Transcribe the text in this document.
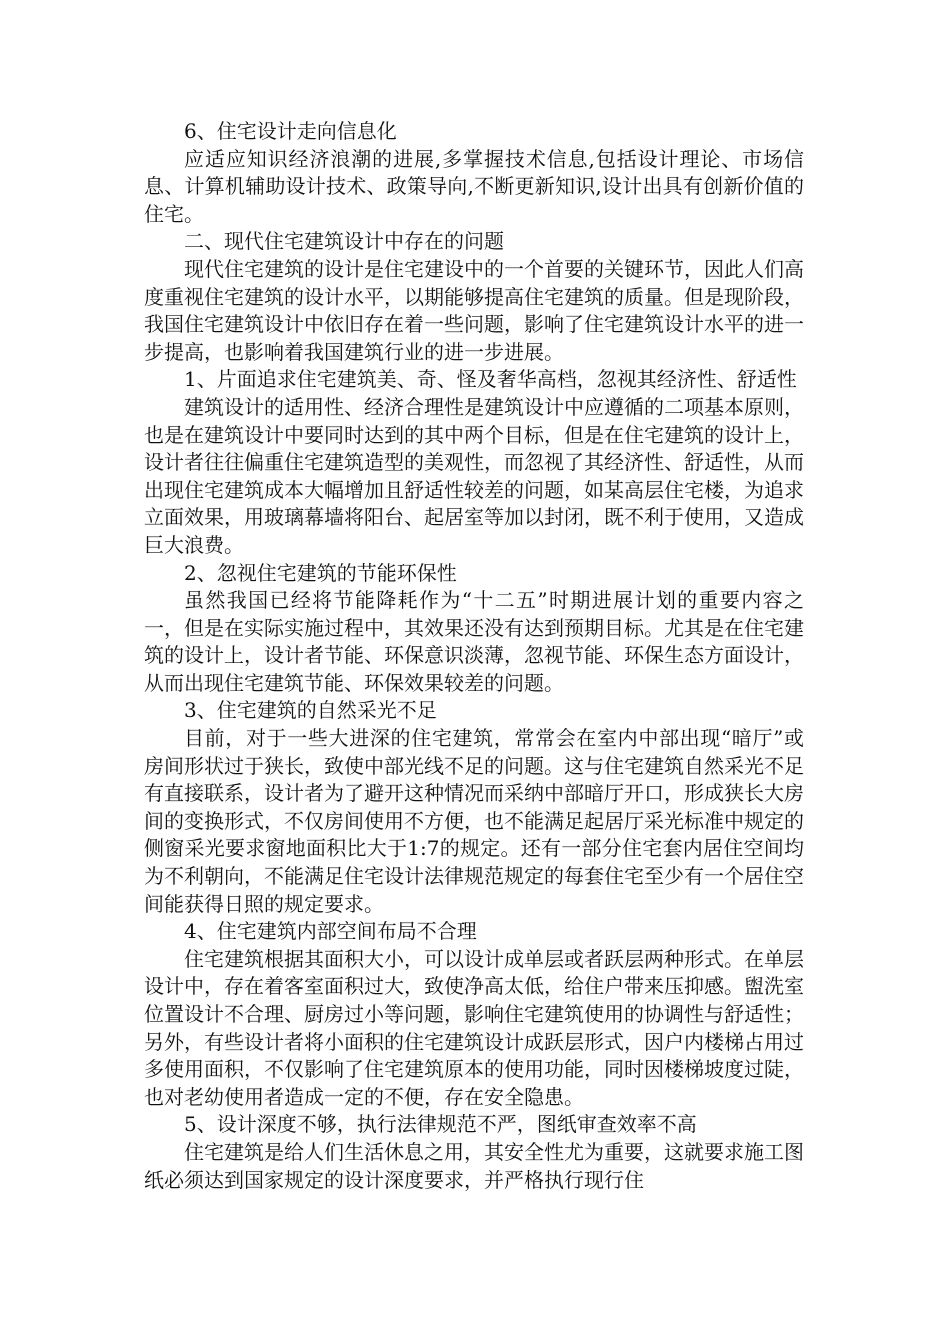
6、住宅设计走向信息化

应适应知识经济浪潮的进展,多掌握技术信息,包括设计理论、市场信息、计算机辅助设计技术、政策导向,不断更新知识,设计出具有创新价值的住宅。

二、现代住宅建筑设计中存在的问题

现代住宅建筑的设计是住宅建设中的一个首要的关键环节，因此人们高度重视住宅建筑的设计水平，以期能够提高住宅建筑的质量。但是现阶段，我国住宅建筑设计中依旧存在着一些问题，影响了住宅建筑设计水平的进一步提高，也影响着我国建筑行业的进一步进展。

1、片面追求住宅建筑美、奇、怪及奢华高档，忽视其经济性、舒适性

建筑设计的适用性、经济合理性是建筑设计中应遵循的二项基本原则，也是在建筑设计中要同时达到的其中两个目标，但是在住宅建筑的设计上，设计者往往偏重住宅建筑造型的美观性，而忽视了其经济性、舒适性，从而出现住宅建筑成本大幅增加且舒适性较差的问题，如某高层住宅楼，为追求立面效果，用玻璃幕墙将阳台、起居室等加以封闭，既不利于使用，又造成巨大浪费。

2、忽视住宅建筑的节能环保性

虽然我国已经将节能降耗作为“十二五”时期进展计划的重要内容之一，但是在实际实施过程中，其效果还没有达到预期目标。尤其是在住宅建筑的设计上，设计者节能、环保意识淡薄，忽视节能、环保生态方面设计，从而出现住宅建筑节能、环保效果较差的问题。

3、住宅建筑的自然采光不足

目前，对于一些大进深的住宅建筑，常常会在室内中部出现“暗厅”或房间形状过于狭长，致使中部光线不足的问题。这与住宅建筑自然采光不足有直接联系，设计者为了避开这种情况而采纳中部暗厅开口，形成狭长大房间的变换形式，不仅房间使用不方便，也不能满足起居厅采光标准中规定的侧窗采光要求窗地面积比大于1:7的规定。还有一部分住宅套内居住空间均为不利朝向，不能满足住宅设计法律规范规定的每套住宅至少有一个居住空间能获得日照的规定要求。

4、住宅建筑内部空间布局不合理

住宅建筑根据其面积大小，可以设计成单层或者跃层两种形式。在单层设计中，存在着客室面积过大，致使净高太低，给住户带来压抑感。盥洗室位置设计不合理、厨房过小等问题，影响住宅建筑使用的协调性与舒适性；另外，有些设计者将小面积的住宅建筑设计成跃层形式，因户内楼梯占用过多使用面积，不仅影响了住宅建筑原本的使用功能，同时因楼梯坡度过陡，也对老幼使用者造成一定的不便，存在安全隐患。

5、设计深度不够，执行法律规范不严，图纸审查效率不高

住宅建筑是给人们生活休息之用，其安全性尤为重要，这就要求施工图纸必须达到国家规定的设计深度要求，并严格执行现行住
